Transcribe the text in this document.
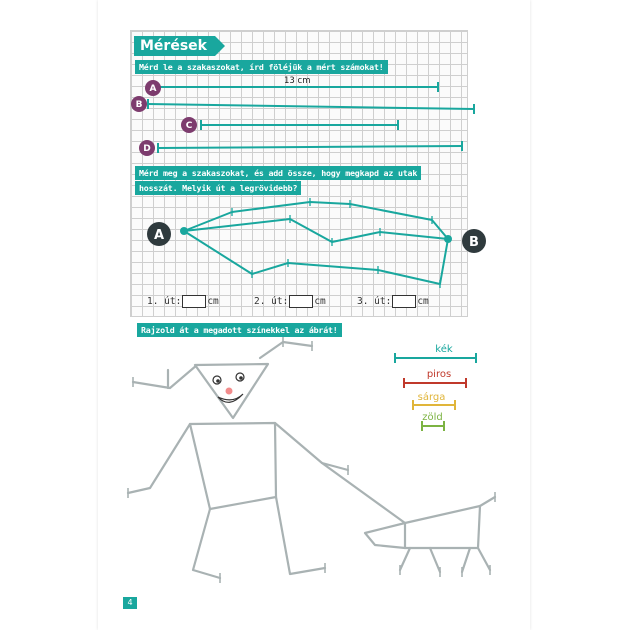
Mérések
Mérd le a szakaszokat, írd föléjük a mért számokat!
13 cm
A
B
C
D
Mérd meg a szakaszokat, és add össze, hogy megkapd az utak
hosszát. Melyik út a legrövidebb?
A	B
1. út:	cm	2. út:	cm	3. út:	cm
Rajzold át a megadott színekkel az ábrát!
kék
piros
sárga
zöld
4
